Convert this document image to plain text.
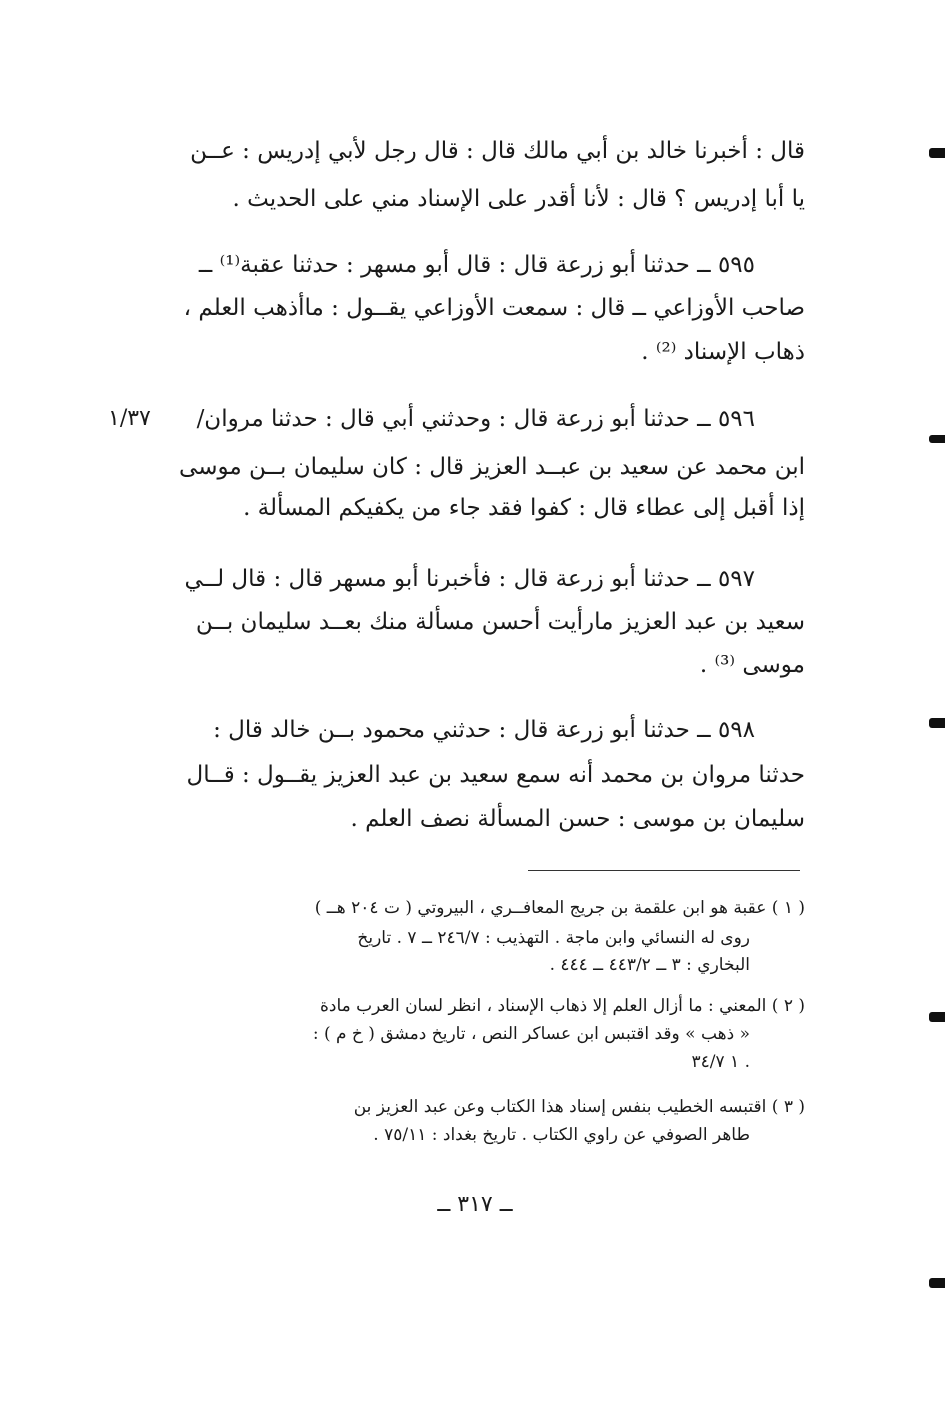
قال : أخبرنا خالد بن أبي مالك قال : قال رجل لأبي إدريس : عــن
يا أبا إدريس ؟ قال : لأنا أقدر على الإسناد مني على الحديث .
٥٩٥ ــ حدثنا أبو زرعة قال : قال أبو مسهر : حدثنا عقبة⁽¹⁾ ــ
صاحب الأوزاعي ــ قال : سمعت الأوزاعي يقــول : ماأذهب العلم ،
ذهاب الإسناد ⁽²⁾ .
٥٩٦ ــ حدثنا أبو زرعة قال : وحدثني أبي قال : حدثنا مروان/
ابن محمد عن سعيد بن عبــد العزيز قال : كان سليمان بــن موسى
إذا أقبل إلى عطاء قال : كفوا فقد جاء من يكفيكم المسألة .
٥٩٧ ــ حدثنا أبو زرعة قال : فأخبرنا أبو مسهر قال : قال لــي
سعيد بن عبد العزيز مارأيت أحسن مسألة منك بعــد سليمان بــن
موسى ⁽³⁾ .
٥٩٨ ــ حدثنا أبو زرعة قال : حدثني محمود بــن خالد قال :
حدثنا مروان بن محمد أنه سمع سعيد بن عبد العزيز يقــول : قــال
سليمان بن موسى : حسن المسألة نصف العلم .
١/٣٧
( ١ ) عقبة هو ابن علقمة بن جريج المعافــري ، البيروتي ( ت ٢٠٤ هــ )
روى له النسائي وابن ماجة . التهذيب : ٢٤٦/٧ ــ ٧ . تاريخ
البخاري : ٣ ــ ٤٤٣/٢ ــ ٤٤٤ .
( ٢ ) المعني : ما أزال العلم إلا ذهاب الإسناد ، انظر لسان العرب مادة
« ذهب » وقد اقتبس ابن عساكر النص ، تاريخ دمشق ( خ م ) :
. ١ ٣٤/٧
( ٣ ) اقتبسه الخطيب بنفس إسناد هذا الكتاب وعن عبد العزيز بن
طاهر الصوفي عن راوي الكتاب . تاريخ بغداد : ٧٥/١١ .
ــ ٣١٧ ــ
